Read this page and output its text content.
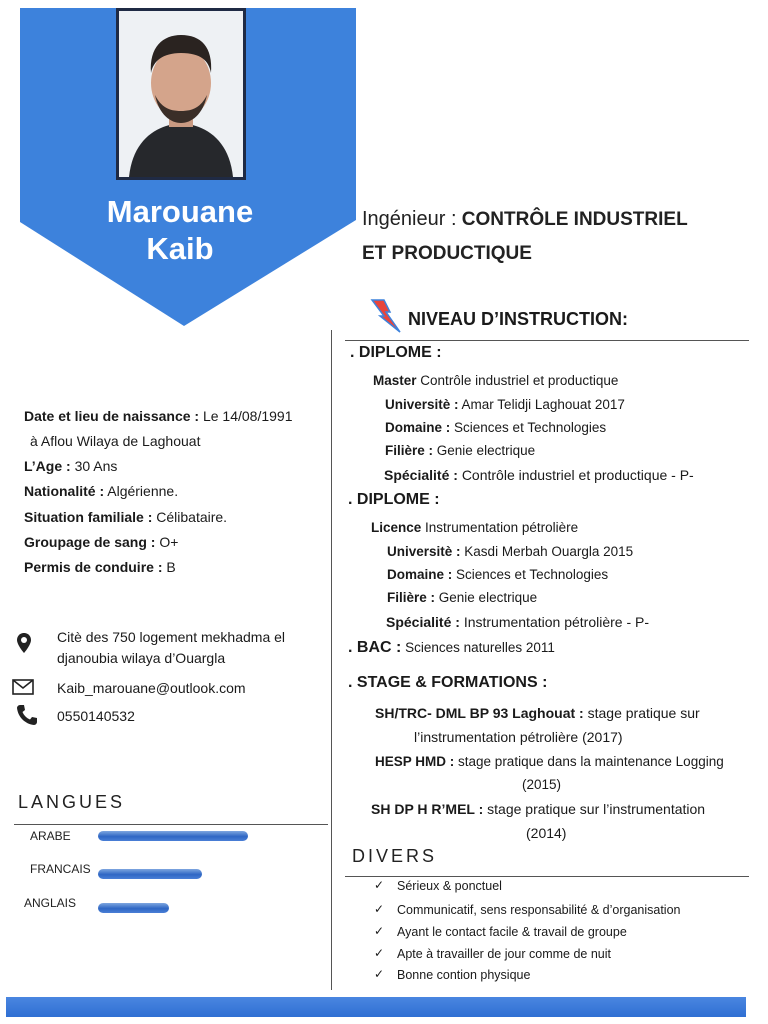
Marouane
Kaib
Ingénieur : CONTRÔLE INDUSTRIEL
ET PRODUCTIQUE
Date et lieu de naissance : Le 14/08/1991
à Aflou Wilaya de Laghouat
L’Age : 30 Ans
Nationalité : Algérienne.
Situation familiale : Célibataire.
Groupage de sang : O+
Permis de conduire : B
Citè des 750 logement mekhadma el
djanoubia wilaya d’Ouargla
Kaib_marouane@outlook.com
0550140532
LANGUES
ARABE
FRANCAIS
ANGLAIS
NIVEAU D’INSTRUCTION:
. DIPLOME :
Master Contrôle industriel et productique
Universitè : Amar Telidji Laghouat 2017
Domaine : Sciences et Technologies
Filière : Genie electrique
Spécialité : Contrôle industriel et productique - P-
. DIPLOME :
Licence Instrumentation pétrolière
Universitè : Kasdi Merbah Ouargla 2015
Domaine : Sciences et Technologies
Filière : Genie electrique
Spécialité : Instrumentation pétrolière - P-
. BAC : Sciences naturelles 2011
. STAGE & FORMATIONS :
SH/TRC- DML BP 93 Laghouat : stage pratique sur
l’instrumentation pétrolière (2017)
HESP HMD : stage pratique dans la maintenance Logging
(2015)
SH DP H R’MEL : stage pratique sur l’instrumentation
(2014)
DIVERS
✓ Sérieux & ponctuel
✓ Communicatif, sens responsabilité & d’organisation
✓ Ayant le contact facile & travail de groupe
✓ Apte à travailler de jour comme de nuit
✓ Bonne contion physique
